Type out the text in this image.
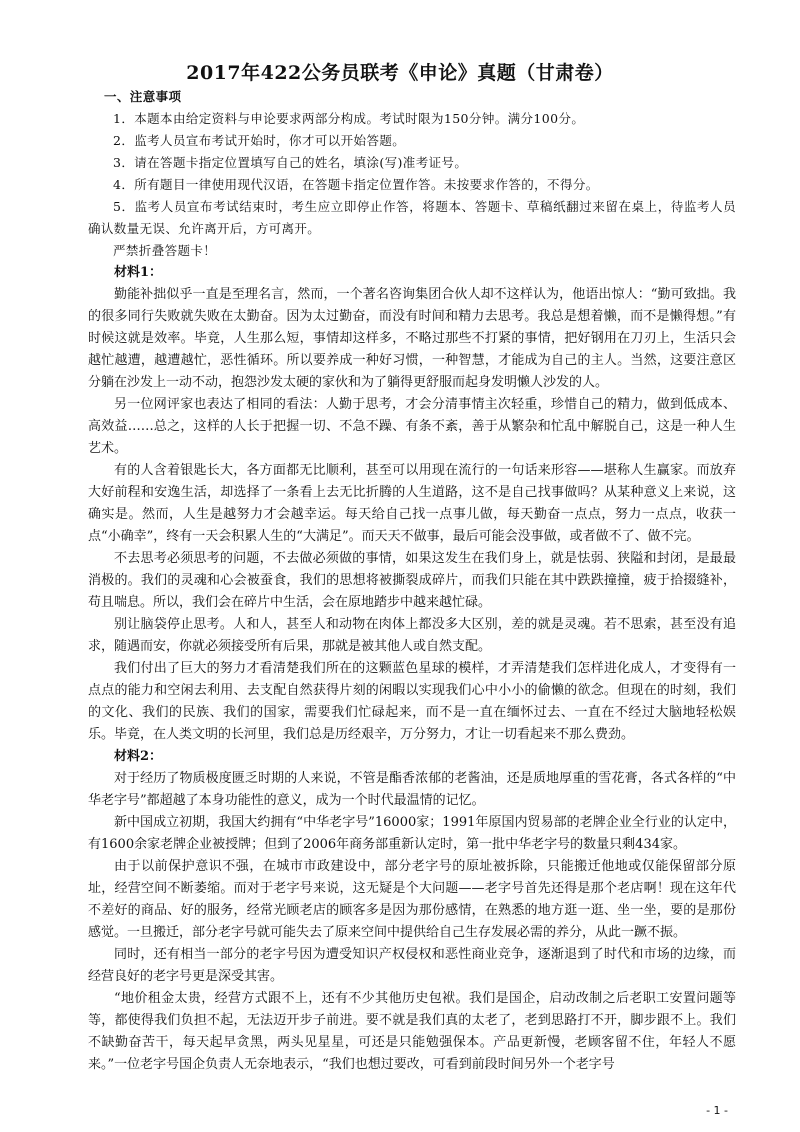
2017年422公务员联考《申论》真题（甘肃卷）

一、注意事项

1．本题本由给定资料与申论要求两部分构成。考试时限为150分钟。满分100分。

2．监考人员宣布考试开始时，你才可以开始答题。

3．请在答题卡指定位置填写自己的姓名，填涂(写)准考证号。

4．所有题目一律使用现代汉语，在答题卡指定位置作答。未按要求作答的，不得分。

5．监考人员宣布考试结束时，考生应立即停止作答，将题本、答题卡、草稿纸翻过来留在桌上，待监考人员确认数量无误、允许离开后，方可离开。

严禁折叠答题卡！

材料1：

勤能补拙似乎一直是至理名言，然而，一个著名咨询集团合伙人却不这样认为，他语出惊人：“勤可致拙。我的很多同行失败就失败在太勤奋。因为太过勤奋，而没有时间和精力去思考。我总是想着懒，而不是懒得想。”有时候这就是效率。毕竟，人生那么短，事情却这样多，不略过那些不打紧的事情，把好钢用在刀刃上，生活只会越忙越遭，越遭越忙，恶性循环。所以要养成一种好习惯，一种智慧，才能成为自己的主人。当然，这要注意区分躺在沙发上一动不动，抱怨沙发太硬的家伙和为了躺得更舒服而起身发明懒人沙发的人。

另一位网评家也表达了相同的看法：人勤于思考，才会分清事情主次轻重，珍惜自己的精力，做到低成本、高效益……总之，这样的人长于把握一切、不急不躁、有条不紊，善于从繁杂和忙乱中解脱自己，这是一种人生艺术。

有的人含着银匙长大，各方面都无比顺利，甚至可以用现在流行的一句话来形容——堪称人生赢家。而放弃大好前程和安逸生活，却选择了一条看上去无比折腾的人生道路，这不是自己找事做吗？从某种意义上来说，这确实是。然而，人生是越努力才会越幸运。每天给自己找一点事儿做，每天勤奋一点点，努力一点点，收获一点“小确幸”，终有一天会积累人生的“大满足”。而天天不做事，最后可能会没事做，或者做不了、做不完。

不去思考必须思考的问题，不去做必须做的事情，如果这发生在我们身上，就是怯弱、狭隘和封闭，是最最消极的。我们的灵魂和心会被蚕食，我们的思想将被撕裂成碎片，而我们只能在其中跌跌撞撞，疲于拾掇缝补，苟且喘息。所以，我们会在碎片中生活，会在原地踏步中越来越忙碌。

别让脑袋停止思考。人和人，甚至人和动物在肉体上都没多大区别，差的就是灵魂。若不思索，甚至没有追求，随遇而安，你就必须接受所有后果，那就是被其他人或自然支配。

我们付出了巨大的努力才看清楚我们所在的这颗蓝色星球的模样，才弄清楚我们怎样进化成人，才变得有一点点的能力和空闲去利用、去支配自然获得片刻的闲暇以实现我们心中小小的偷懒的欲念。但现在的时刻，我们的文化、我们的民族、我们的国家，需要我们忙碌起来，而不是一直在缅怀过去、一直在不经过大脑地轻松娱乐。毕竟，在人类文明的长河里，我们总是历经艰辛，万分努力，才让一切看起来不那么费劲。

材料2：

对于经历了物质极度匮乏时期的人来说，不管是酯香浓郁的老酱油，还是质地厚重的雪花膏，各式各样的“中华老字号”都超越了本身功能性的意义，成为一个时代最温情的记忆。

新中国成立初期，我国大约拥有“中华老字号”16000家；1991年原国内贸易部的老牌企业全行业的认定中，有1600余家老牌企业被授牌；但到了2006年商务部重新认定时，第一批中华老字号的数量只剩434家。

由于以前保护意识不强，在城市市政建设中，部分老字号的原址被拆除，只能搬迁他地或仅能保留部分原址，经营空间不断萎缩。而对于老字号来说，这无疑是个大问题——老字号首先还得是那个老店啊！现在这年代不差好的商品、好的服务，经常光顾老店的顾客多是因为那份感情，在熟悉的地方逛一逛、坐一坐，要的是那份感觉。一旦搬迁，部分老字号就可能失去了原来空间中提供给自己生存发展必需的养分，从此一蹶不振。

同时，还有相当一部分的老字号因为遭受知识产权侵权和恶性商业竞争，逐渐退到了时代和市场的边缘，而经营良好的老字号更是深受其害。

“地价租金太贵，经营方式跟不上，还有不少其他历史包袱。我们是国企，启动改制之后老职工安置问题等等，都使得我们负担不起，无法迈开步子前进。要不就是我们真的太老了，老到思路打不开，脚步跟不上。我们不缺勤奋苦干，每天起早贪黑，两头见星星，可还是只能勉强保本。产品更新慢，老顾客留不住，年轻人不愿来。”一位老字号国企负责人无奈地表示，“我们也想过要改，可看到前段时间另外一个老字号

- 1 -
